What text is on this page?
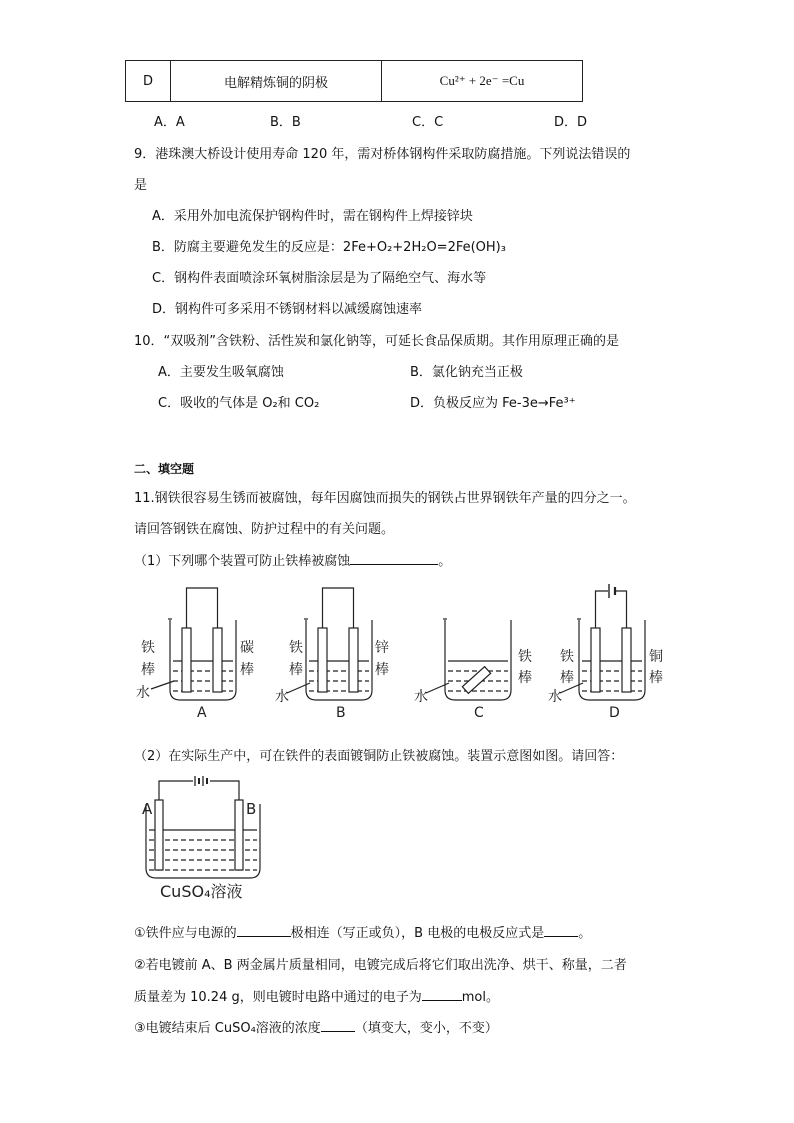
D	电解精炼铜的阴极	Cu²⁺ + 2e⁻ =Cu
A．A	B．B	C．C	D．D
9．港珠澳大桥设计使用寿命 120 年，需对桥体钢构件采取防腐措施。下列说法错误的
是
A．采用外加电流保护钢构件时，需在钢构件上焊接锌块
B．防腐主要避免发生的反应是：2Fe+O₂+2H₂O=2Fe(OH)₃
C．钢构件表面喷涂环氧树脂涂层是为了隔绝空气、海水等
D．钢构件可多采用不锈钢材料以减缓腐蚀速率
10．“双吸剂”含铁粉、活性炭和氯化钠等，可延长食品保质期。其作用原理正确的是
A．主要发生吸氧腐蚀	B．氯化钠充当正极
C．吸收的气体是 O₂和 CO₂	D．负极反应为 Fe-3e→Fe³⁺
二、填空题
11.钢铁很容易生锈而被腐蚀，每年因腐蚀而损失的钢铁占世界钢铁年产量的四分之一。
请回答钢铁在腐蚀、防护过程中的有关问题。
（1）下列哪个装置可防止铁棒被腐蚀	。
铁
棒
碳
棒
水
A
铁
棒
锌
棒
水
B
铁
棒
水
C
铁
棒
铜
棒
水
D
（2）在实际生产中，可在铁件的表面镀铜防止铁被腐蚀。装置示意图如图。请回答：
A	B
CuSO₄溶液
①铁件应与电源的	极相连（写正或负），B 电极的电极反应式是	。
②若电镀前 A、B 两金属片质量相同，电镀完成后将它们取出洗净、烘干、称量，二者
质量差为 10.24 g，则电镀时电路中通过的电子为	mol。
③电镀结束后 CuSO₄溶液的浓度	（填变大，变小，不变）
